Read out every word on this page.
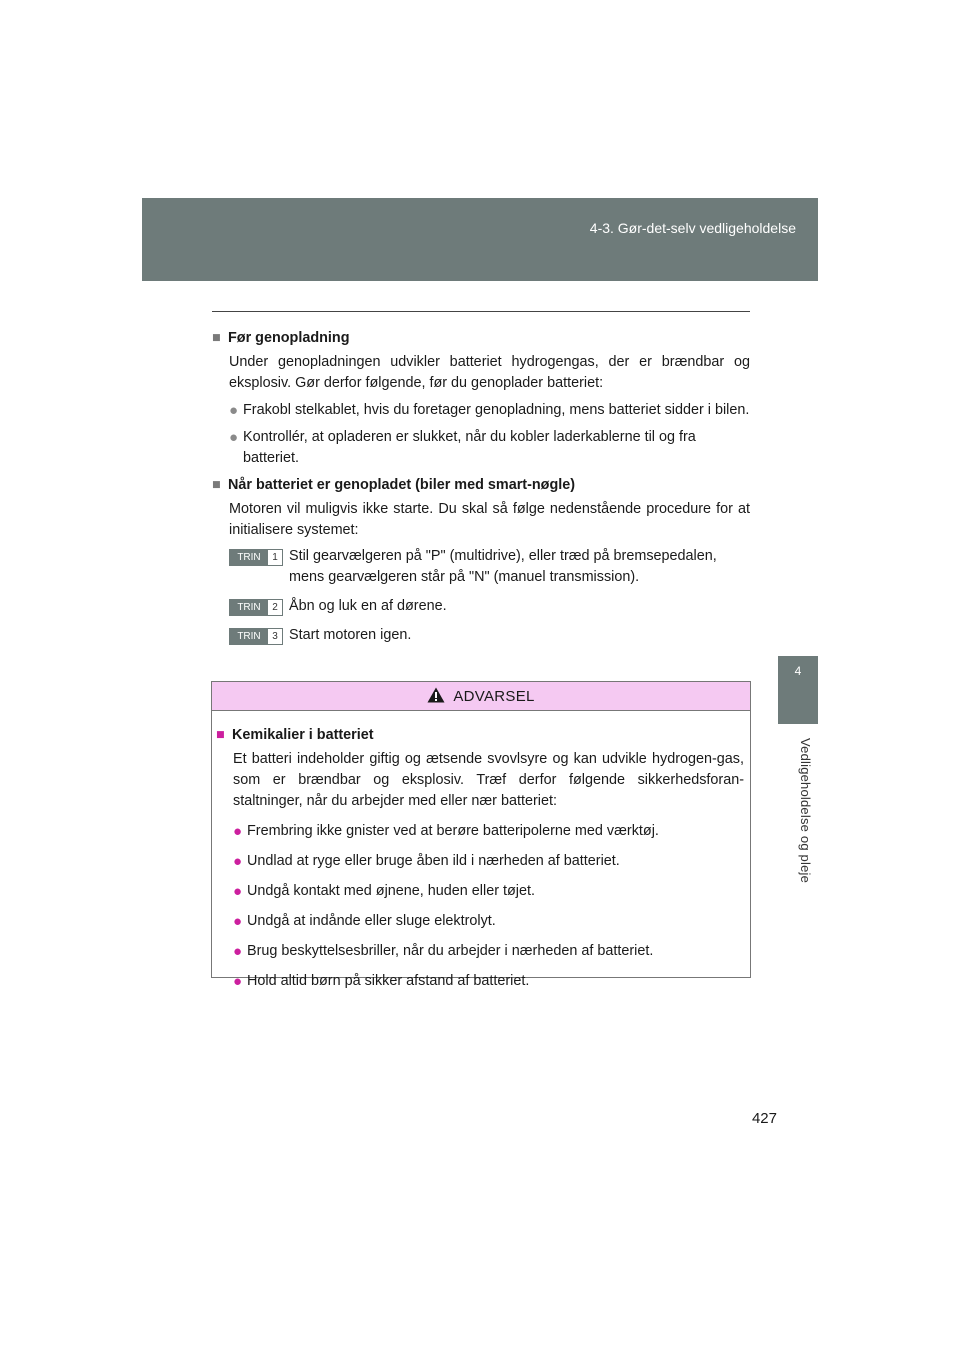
4-3. Gør-det-selv vedligeholdelse
4
Vedligeholdelse og pleje
■ Før genopladning
Under genopladningen udvikler batteriet hydrogengas, der er brændbar og eksplosiv. Gør derfor følgende, før du genoplader batteriet:
● Frakobl stelkablet, hvis du foretager genopladning, mens batteriet sidder i bilen.
● Kontrollér, at opladeren er slukket, når du kobler laderkablerne til og fra batteriet.
■ Når batteriet er genopladet (biler med smart-nøgle)
Motoren vil muligvis ikke starte. Du skal så følge nedenstående procedure for at initialisere systemet:
TRIN	1 Stil gearvælgeren på "P" (multidrive), eller træd på bremsepedalen, mens gearvælgeren står på "N" (manuel transmission).
TRIN	2 Åbn og luk en af dørene.
TRIN	3 Start motoren igen.
ADVARSEL
■ Kemikalier i batteriet
Et batteri indeholder giftig og ætsende svovlsyre og kan udvikle hydrogen-gas, som er brændbar og eksplosiv. Træf derfor følgende sikkerhedsforan-staltninger, når du arbejder med eller nær batteriet:
● Frembring ikke gnister ved at berøre batteripolerne med værktøj.
● Undlad at ryge eller bruge åben ild i nærheden af batteriet.
● Undgå kontakt med øjnene, huden eller tøjet.
● Undgå at indånde eller sluge elektrolyt.
● Brug beskyttelsesbriller, når du arbejder i nærheden af batteriet.
● Hold altid børn på sikker afstand af batteriet.
427
